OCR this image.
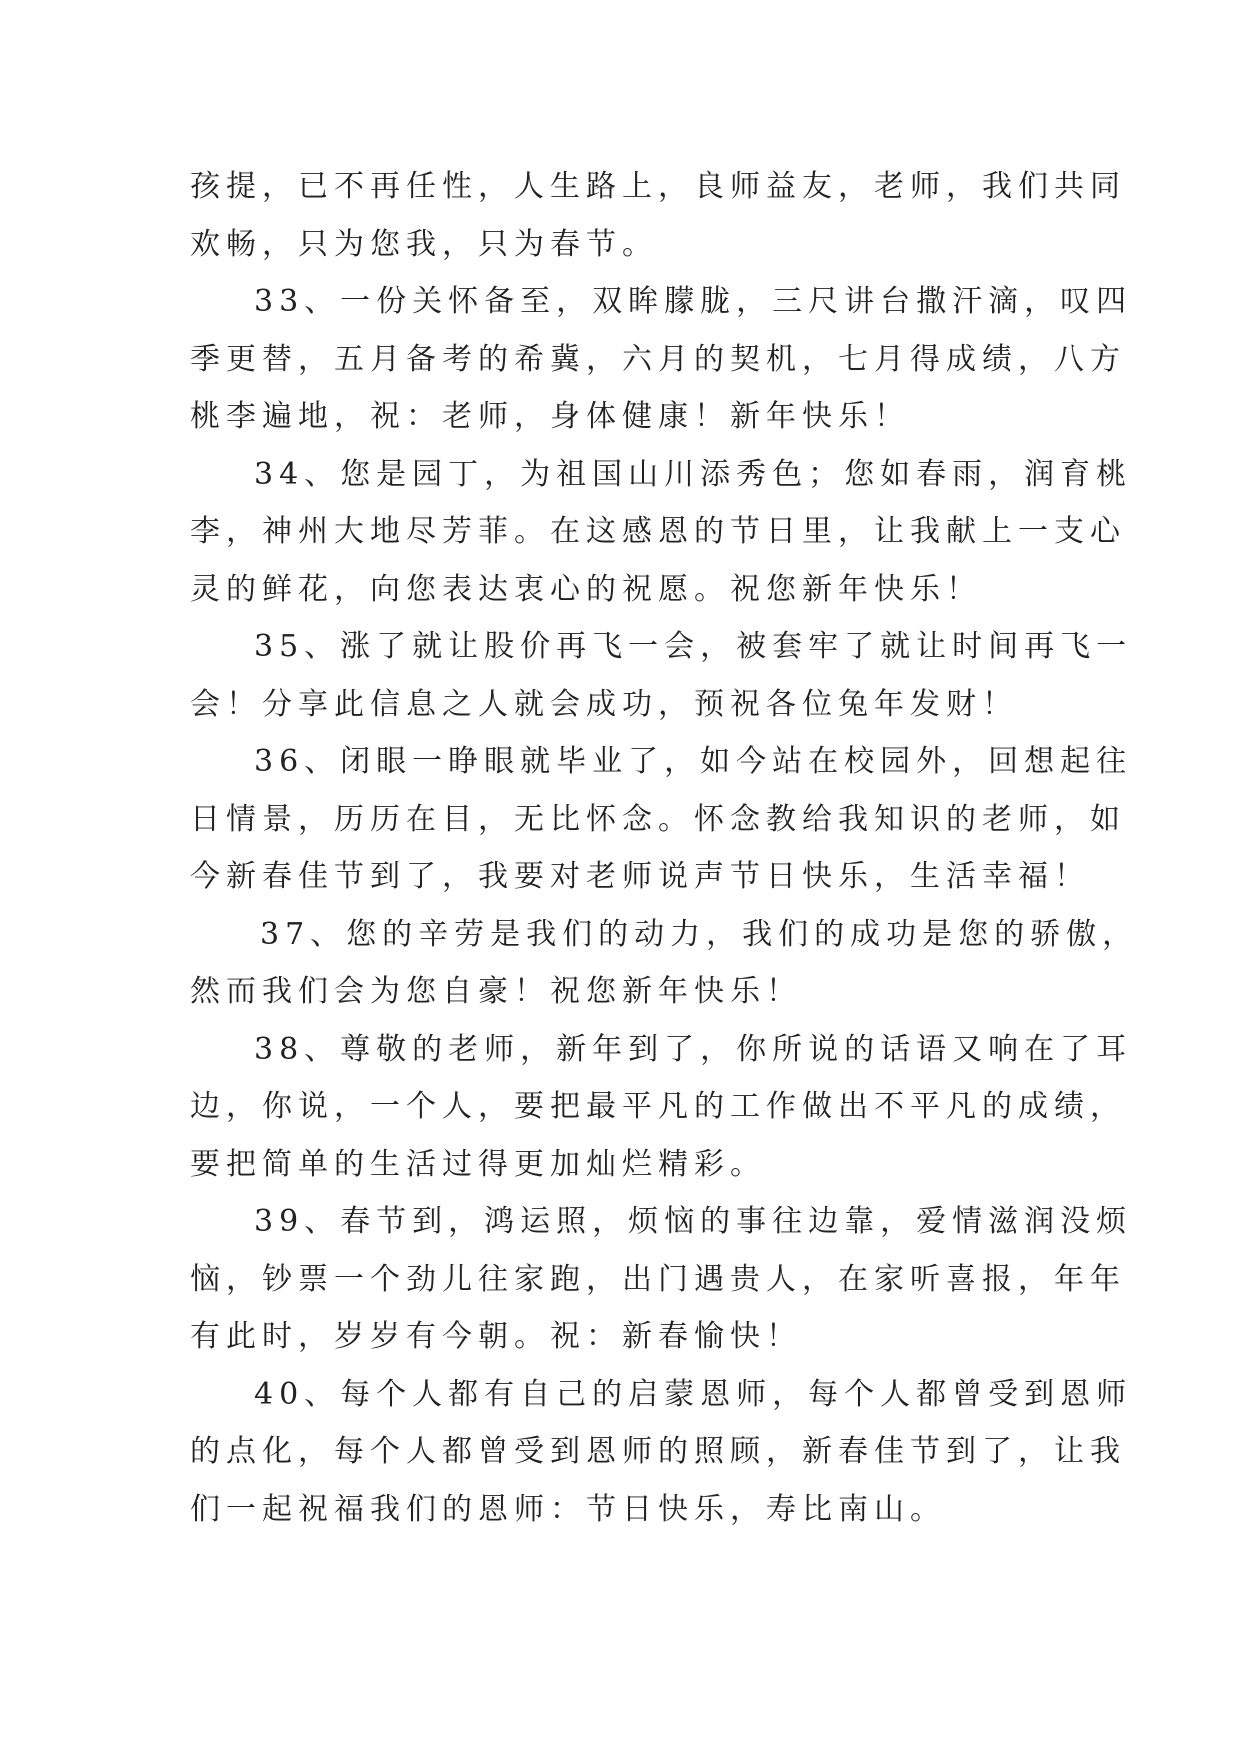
孩提，已不再任性，人生路上，良师益友，老师，我们共同
欢畅，只为您我，只为春节。
33、一份关怀备至，双眸朦胧，三尺讲台撒汗滴，叹四
季更替，五月备考的希冀，六月的契机，七月得成绩，八方
桃李遍地，祝：老师，身体健康！新年快乐！
34、您是园丁，为祖国山川添秀色；您如春雨，润育桃
李，神州大地尽芳菲。在这感恩的节日里，让我献上一支心
灵的鲜花，向您表达衷心的祝愿。祝您新年快乐！
35、涨了就让股价再飞一会，被套牢了就让时间再飞一
会！分享此信息之人就会成功，预祝各位兔年发财！
36、闭眼一睁眼就毕业了，如今站在校园外，回想起往
日情景，历历在目，无比怀念。怀念教给我知识的老师，如
今新春佳节到了，我要对老师说声节日快乐，生活幸福！
37、您的辛劳是我们的动力，我们的成功是您的骄傲，
然而我们会为您自豪！祝您新年快乐！
38、尊敬的老师，新年到了，你所说的话语又响在了耳
边，你说，一个人，要把最平凡的工作做出不平凡的成绩，
要把简单的生活过得更加灿烂精彩。
39、春节到，鸿运照，烦恼的事往边靠，爱情滋润没烦
恼，钞票一个劲儿往家跑，出门遇贵人，在家听喜报，年年
有此时，岁岁有今朝。祝：新春愉快！
40、每个人都有自己的启蒙恩师，每个人都曾受到恩师
的点化，每个人都曾受到恩师的照顾，新春佳节到了，让我
们一起祝福我们的恩师：节日快乐，寿比南山。
